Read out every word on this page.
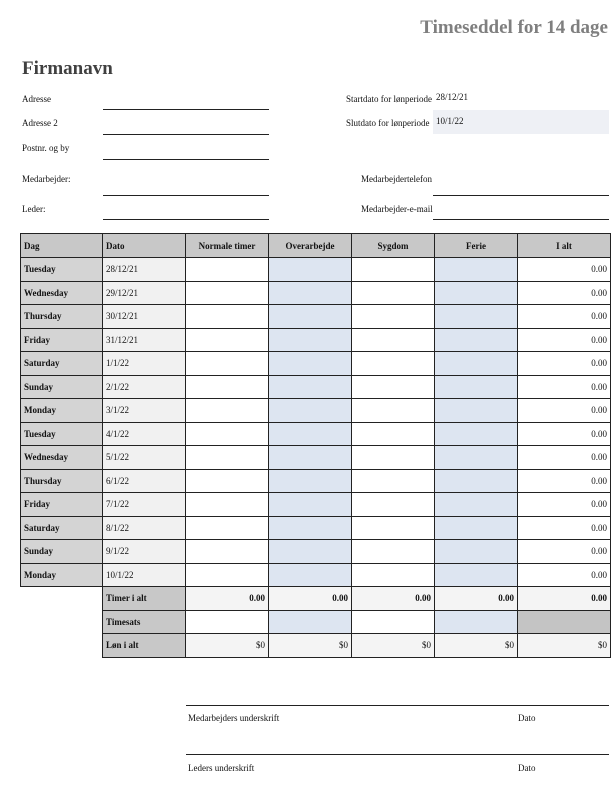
Timeseddel for 14 dage
Firmanavn
Adresse
Adresse 2
Postnr. og by
Medarbejder:
Leder:
Startdato for lønperiode 28/12/21
Slutdato for lønperiode 10/1/22
Medarbejdertelefon
Medarbejder-e-mail
Dag	Dato	Normale timer	Overarbejde	Sygdom	Ferie	I alt
Tuesday	28/12/21					0.00
Wednesday	29/12/21					0.00
Thursday	30/12/21					0.00
Friday	31/12/21					0.00
Saturday	1/1/22					0.00
Sunday	2/1/22					0.00
Monday	3/1/22					0.00
Tuesday	4/1/22					0.00
Wednesday	5/1/22					0.00
Thursday	6/1/22					0.00
Friday	7/1/22					0.00
Saturday	8/1/22					0.00
Sunday	9/1/22					0.00
Monday	10/1/22					0.00
	Timer i alt	0.00	0.00	0.00	0.00	0.00
	Timesats					
	Løn i alt	$0	$0	$0	$0	$0
Medarbejders underskrift	Dato
Leders underskrift	Dato
